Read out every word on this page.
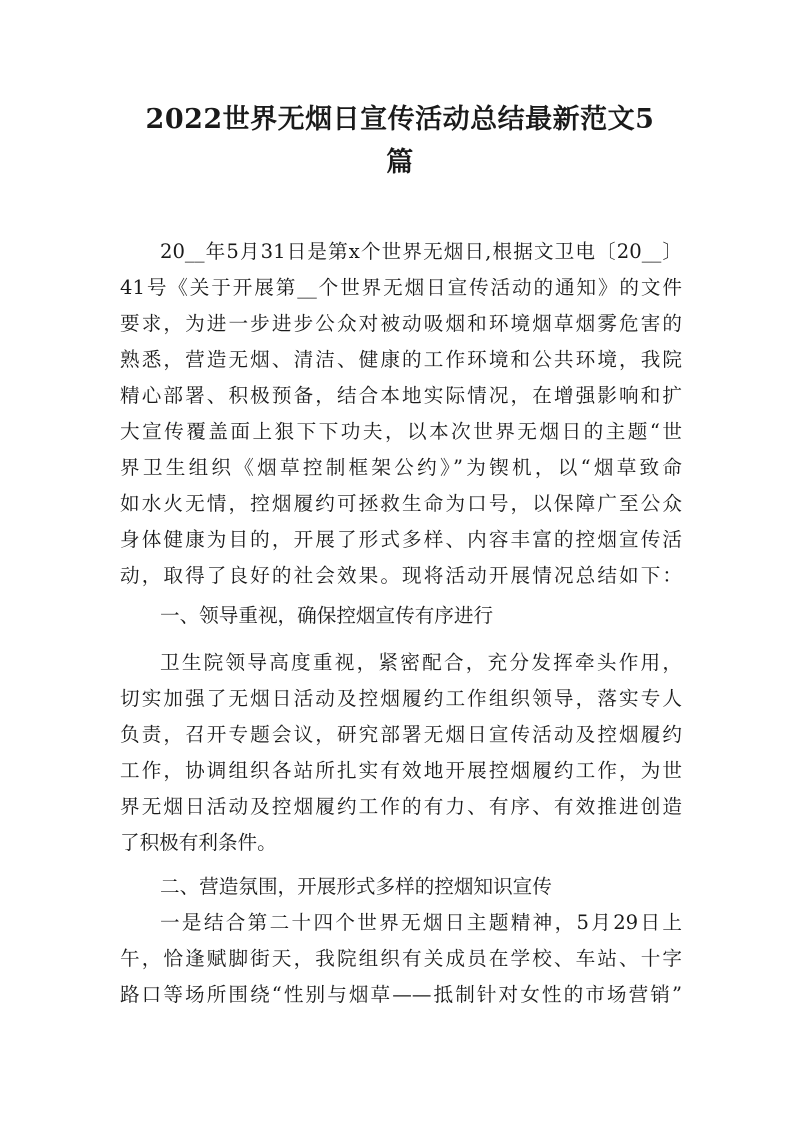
2022世界无烟日宣传活动总结最新范文5
篇
20__年5月31日是第x个世界无烟日,根据文卫电〔20__〕
41号《关于开展第__个世界无烟日宣传活动的通知》的文件
要求，为进一步进步公众对被动吸烟和环境烟草烟雾危害的
熟悉，营造无烟、清洁、健康的工作环境和公共环境，我院
精心部署、积极预备，结合本地实际情况，在增强影响和扩
大宣传覆盖面上狠下下功夫，以本次世界无烟日的主题“世
界卫生组织《烟草控制框架公约》”为锲机，以“烟草致命
如水火无情，控烟履约可拯救生命为口号，以保障广至公众
身体健康为目的，开展了形式多样、内容丰富的控烟宣传活
动，取得了良好的社会效果。现将活动开展情况总结如下：
一、领导重视，确保控烟宣传有序进行
卫生院领导高度重视，紧密配合，充分发挥牵头作用，
切实加强了无烟日活动及控烟履约工作组织领导，落实专人
负责，召开专题会议，研究部署无烟日宣传活动及控烟履约
工作，协调组织各站所扎实有效地开展控烟履约工作，为世
界无烟日活动及控烟履约工作的有力、有序、有效推进创造
了积极有利条件。
二、营造氛围，开展形式多样的控烟知识宣传
一是结合第二十四个世界无烟日主题精神，5月29日上
午，恰逢赋脚街天，我院组织有关成员在学校、车站、十字
路口等场所围绕“性别与烟草——抵制针对女性的市场营销”
